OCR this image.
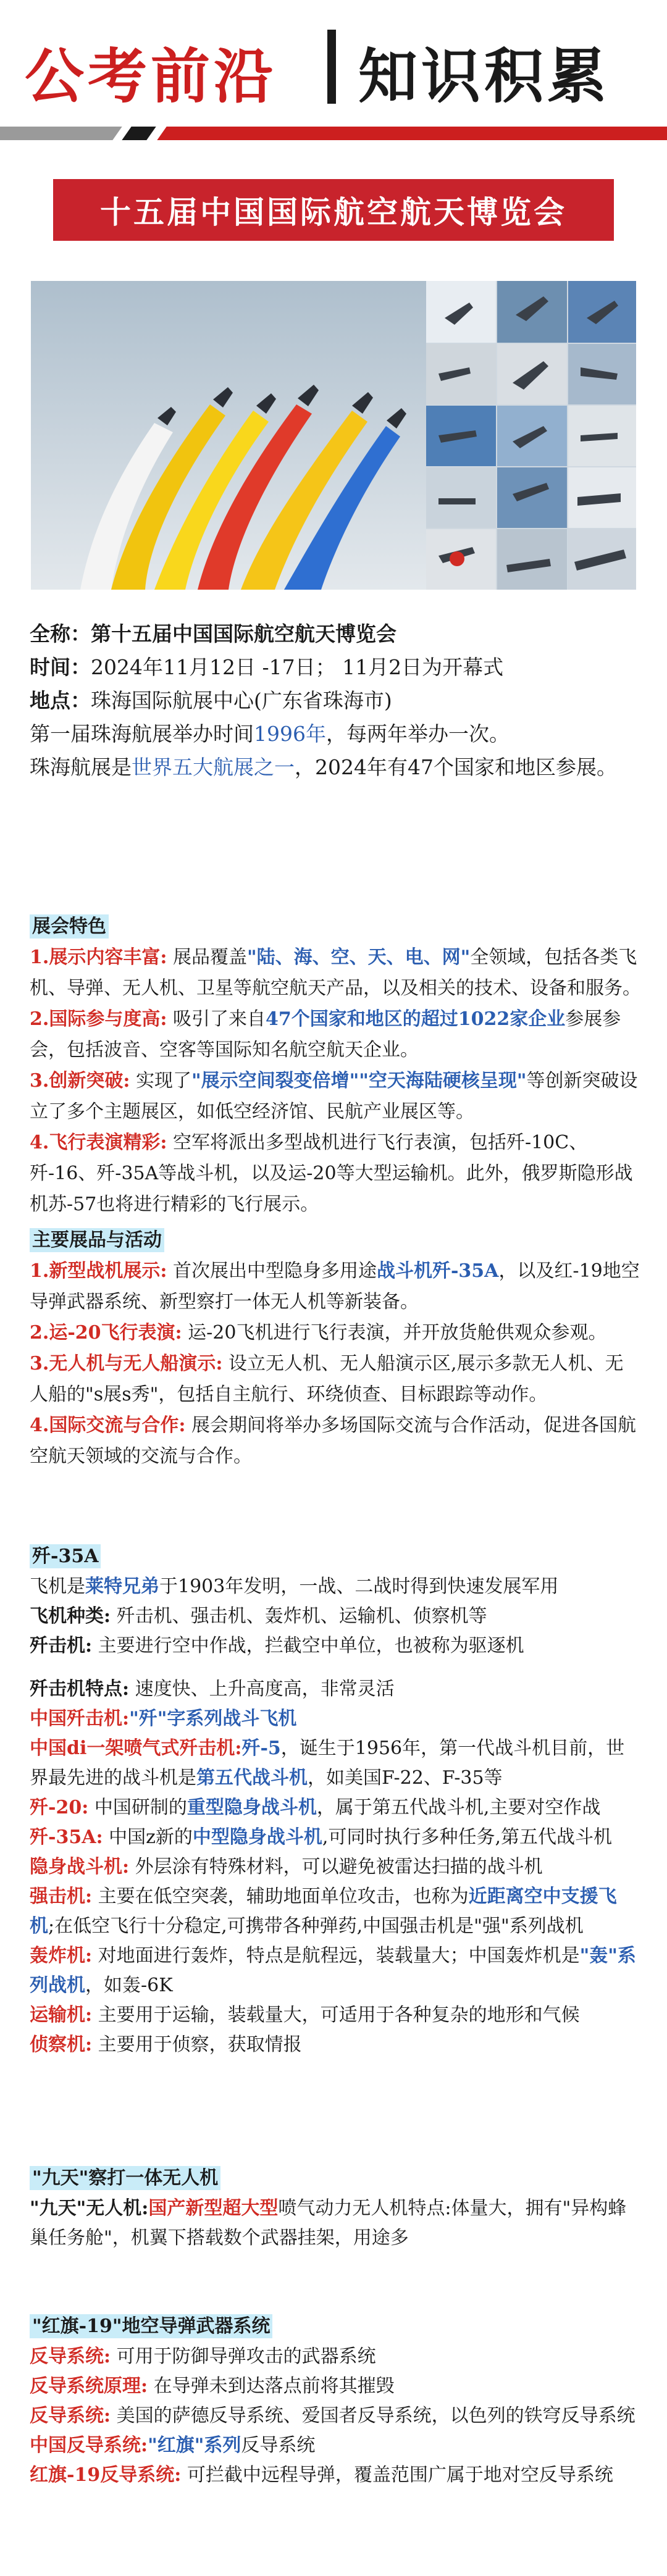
公考前沿 知识积累
十五届中国国际航空航天博览会
全称：第十五届中国国际航空航天博览会
时间：2024年11月12日 -17日； 11月2日为开幕式
地点：珠海国际航展中心(广东省珠海市)
第一届珠海航展举办时间1996年，每两年举办一次。
珠海航展是世界五大航展之一，2024年有47个国家和地区参展。
展会特色
1.展示内容丰富: 展品覆盖"陆、海、空、天、电、网"全领域，包括各类飞机、导弹、无人机、卫星等航空航天产品，以及相关的技术、设备和服务。
2.国际参与度高: 吸引了来自47个国家和地区的超过1022家企业参展参会，包括波音、空客等国际知名航空航天企业。
3.创新突破: 实现了"展示空间裂变倍增""空天海陆硬核呈现"等创新突破设立了多个主题展区，如低空经济馆、民航产业展区等。
4.飞行表演精彩: 空军将派出多型战机进行飞行表演，包括歼-10C、歼-16、歼-35A等战斗机，以及运-20等大型运输机。此外，俄罗斯隐形战机苏-57也将进行精彩的飞行展示。
主要展品与活动
1.新型战机展示: 首次展出中型隐身多用途战斗机歼-35A，以及红-19地空导弹武器系统、新型察打一体无人机等新装备。
2.运-20飞行表演: 运-20飞机进行飞行表演，并开放货舱供观众参观。
3.无人机与无人船演示: 设立无人机、无人船演示区,展示多款无人机、无人船的"s展s秀"，包括自主航行、环绕侦查、目标跟踪等动作。
4.国际交流与合作: 展会期间将举办多场国际交流与合作活动，促进各国航空航天领域的交流与合作。
歼-35A
飞机是莱特兄弟于1903年发明，一战、二战时得到快速发展军用
飞机种类: 歼击机、强击机、轰炸机、运输机、侦察机等
歼击机: 主要进行空中作战，拦截空中单位，也被称为驱逐机
歼击机特点: 速度快、上升高度高，非常灵活
中国歼击机:"歼"字系列战斗飞机
中国di一架喷气式歼击机:歼-5，诞生于1956年，第一代战斗机目前，世界最先进的战斗机是第五代战斗机，如美国F-22、F-35等
歼-20: 中国研制的重型隐身战斗机，属于第五代战斗机,主要对空作战
歼-35A: 中国z新的中型隐身战斗机,可同时执行多种任务,第五代战斗机
隐身战斗机: 外层涂有特殊材料，可以避免被雷达扫描的战斗机
强击机: 主要在低空突袭，辅助地面单位攻击，也称为近距离空中支援飞机;在低空飞行十分稳定,可携带各种弹药,中国强击机是"强"系列战机
轰炸机: 对地面进行轰炸，特点是航程远，装载量大；中国轰炸机是"轰"系列战机，如轰-6K
运输机: 主要用于运输，装载量大，可适用于各种复杂的地形和气候
侦察机: 主要用于侦察，获取情报
"九天"察打一体无人机
"九天"无人机:国产新型超大型喷气动力无人机特点:体量大，拥有"异构蜂巢任务舱"，机翼下搭载数个武器挂架，用途多
"红旗-19"地空导弹武器系统
反导系统: 可用于防御导弹攻击的武器系统
反导系统原理: 在导弹未到达落点前将其摧毁
反导系统: 美国的萨德反导系统、爱国者反导系统，以色列的铁穹反导系统
中国反导系统:"红旗"系列反导系统
红旗-19反导系统: 可拦截中远程导弹，覆盖范围广属于地对空反导系统
